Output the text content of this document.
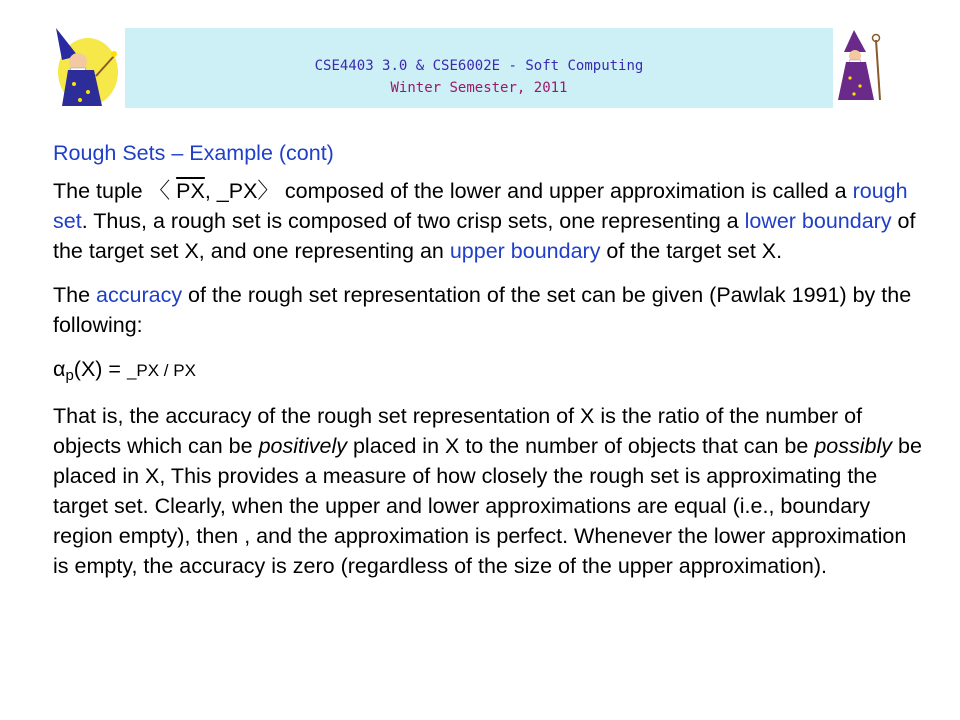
CSE4403 3.0 & CSE6002E - Soft Computing
Winter Semester, 2011
Rough Sets – Example (cont)

The tuple 〈 $\overline{PX}$, _PX〉 composed of the lower and upper approximation is called a rough set. Thus, a rough set is composed of two crisp sets, one representing a lower boundary of the target set X, and one representing an upper boundary of the target set X.

The accuracy of the rough set representation of the set can be given (Pawlak 1991) by the following:

$\alpha_p(X)$ = _PX / PX

That is, the accuracy of the rough set representation of X is the ratio of the number of objects which can be positively placed in X to the number of objects that can be possibly be placed in X, This provides a measure of how closely the rough set is approximating the target set. Clearly, when the upper and lower approximations are equal (i.e., boundary region empty), then , and the approximation is perfect. Whenever the lower approximation is empty, the accuracy is zero (regardless of the size of the upper approximation).
